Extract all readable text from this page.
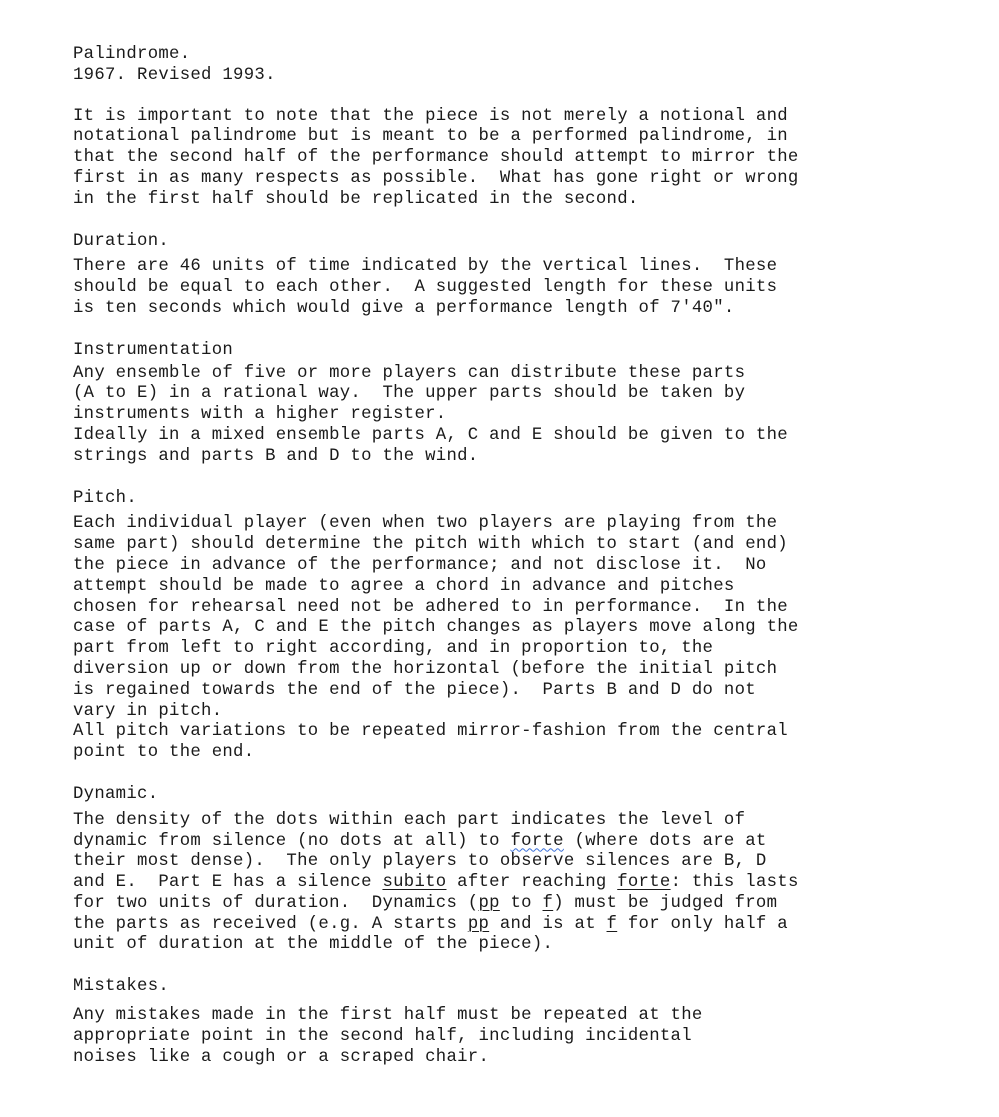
Palindrome.
1967. Revised 1993.
It is important to note that the piece is not merely a notional and
notational palindrome but is meant to be a performed palindrome, in
that the second half of the performance should attempt to mirror the
first in as many respects as possible.  What has gone right or wrong
in the first half should be replicated in the second.
Duration.
There are 46 units of time indicated by the vertical lines.  These
should be equal to each other.  A suggested length for these units
is ten seconds which would give a performance length of 7'40".
Instrumentation
Any ensemble of five or more players can distribute these parts
(A to E) in a rational way.  The upper parts should be taken by
instruments with a higher register.
Ideally in a mixed ensemble parts A, C and E should be given to the
strings and parts B and D to the wind.
Pitch.
Each individual player (even when two players are playing from the
same part) should determine the pitch with which to start (and end)
the piece in advance of the performance; and not disclose it.  No
attempt should be made to agree a chord in advance and pitches
chosen for rehearsal need not be adhered to in performance.  In the
case of parts A, C and E the pitch changes as players move along the
part from left to right according, and in proportion to, the
diversion up or down from the horizontal (before the initial pitch
is regained towards the end of the piece).  Parts B and D do not
vary in pitch.
All pitch variations to be repeated mirror-fashion from the central
point to the end.
Dynamic.
The density of the dots within each part indicates the level of
dynamic from silence (no dots at all) to forte (where dots are at
their most dense).  The only players to observe silences are B, D
and E.  Part E has a silence subito after reaching forte: this lasts
for two units of duration.  Dynamics (pp to f) must be judged from
the parts as received (e.g. A starts pp and is at f for only half a
unit of duration at the middle of the piece).
Mistakes.
Any mistakes made in the first half must be repeated at the
appropriate point in the second half, including incidental
noises like a cough or a scraped chair.
